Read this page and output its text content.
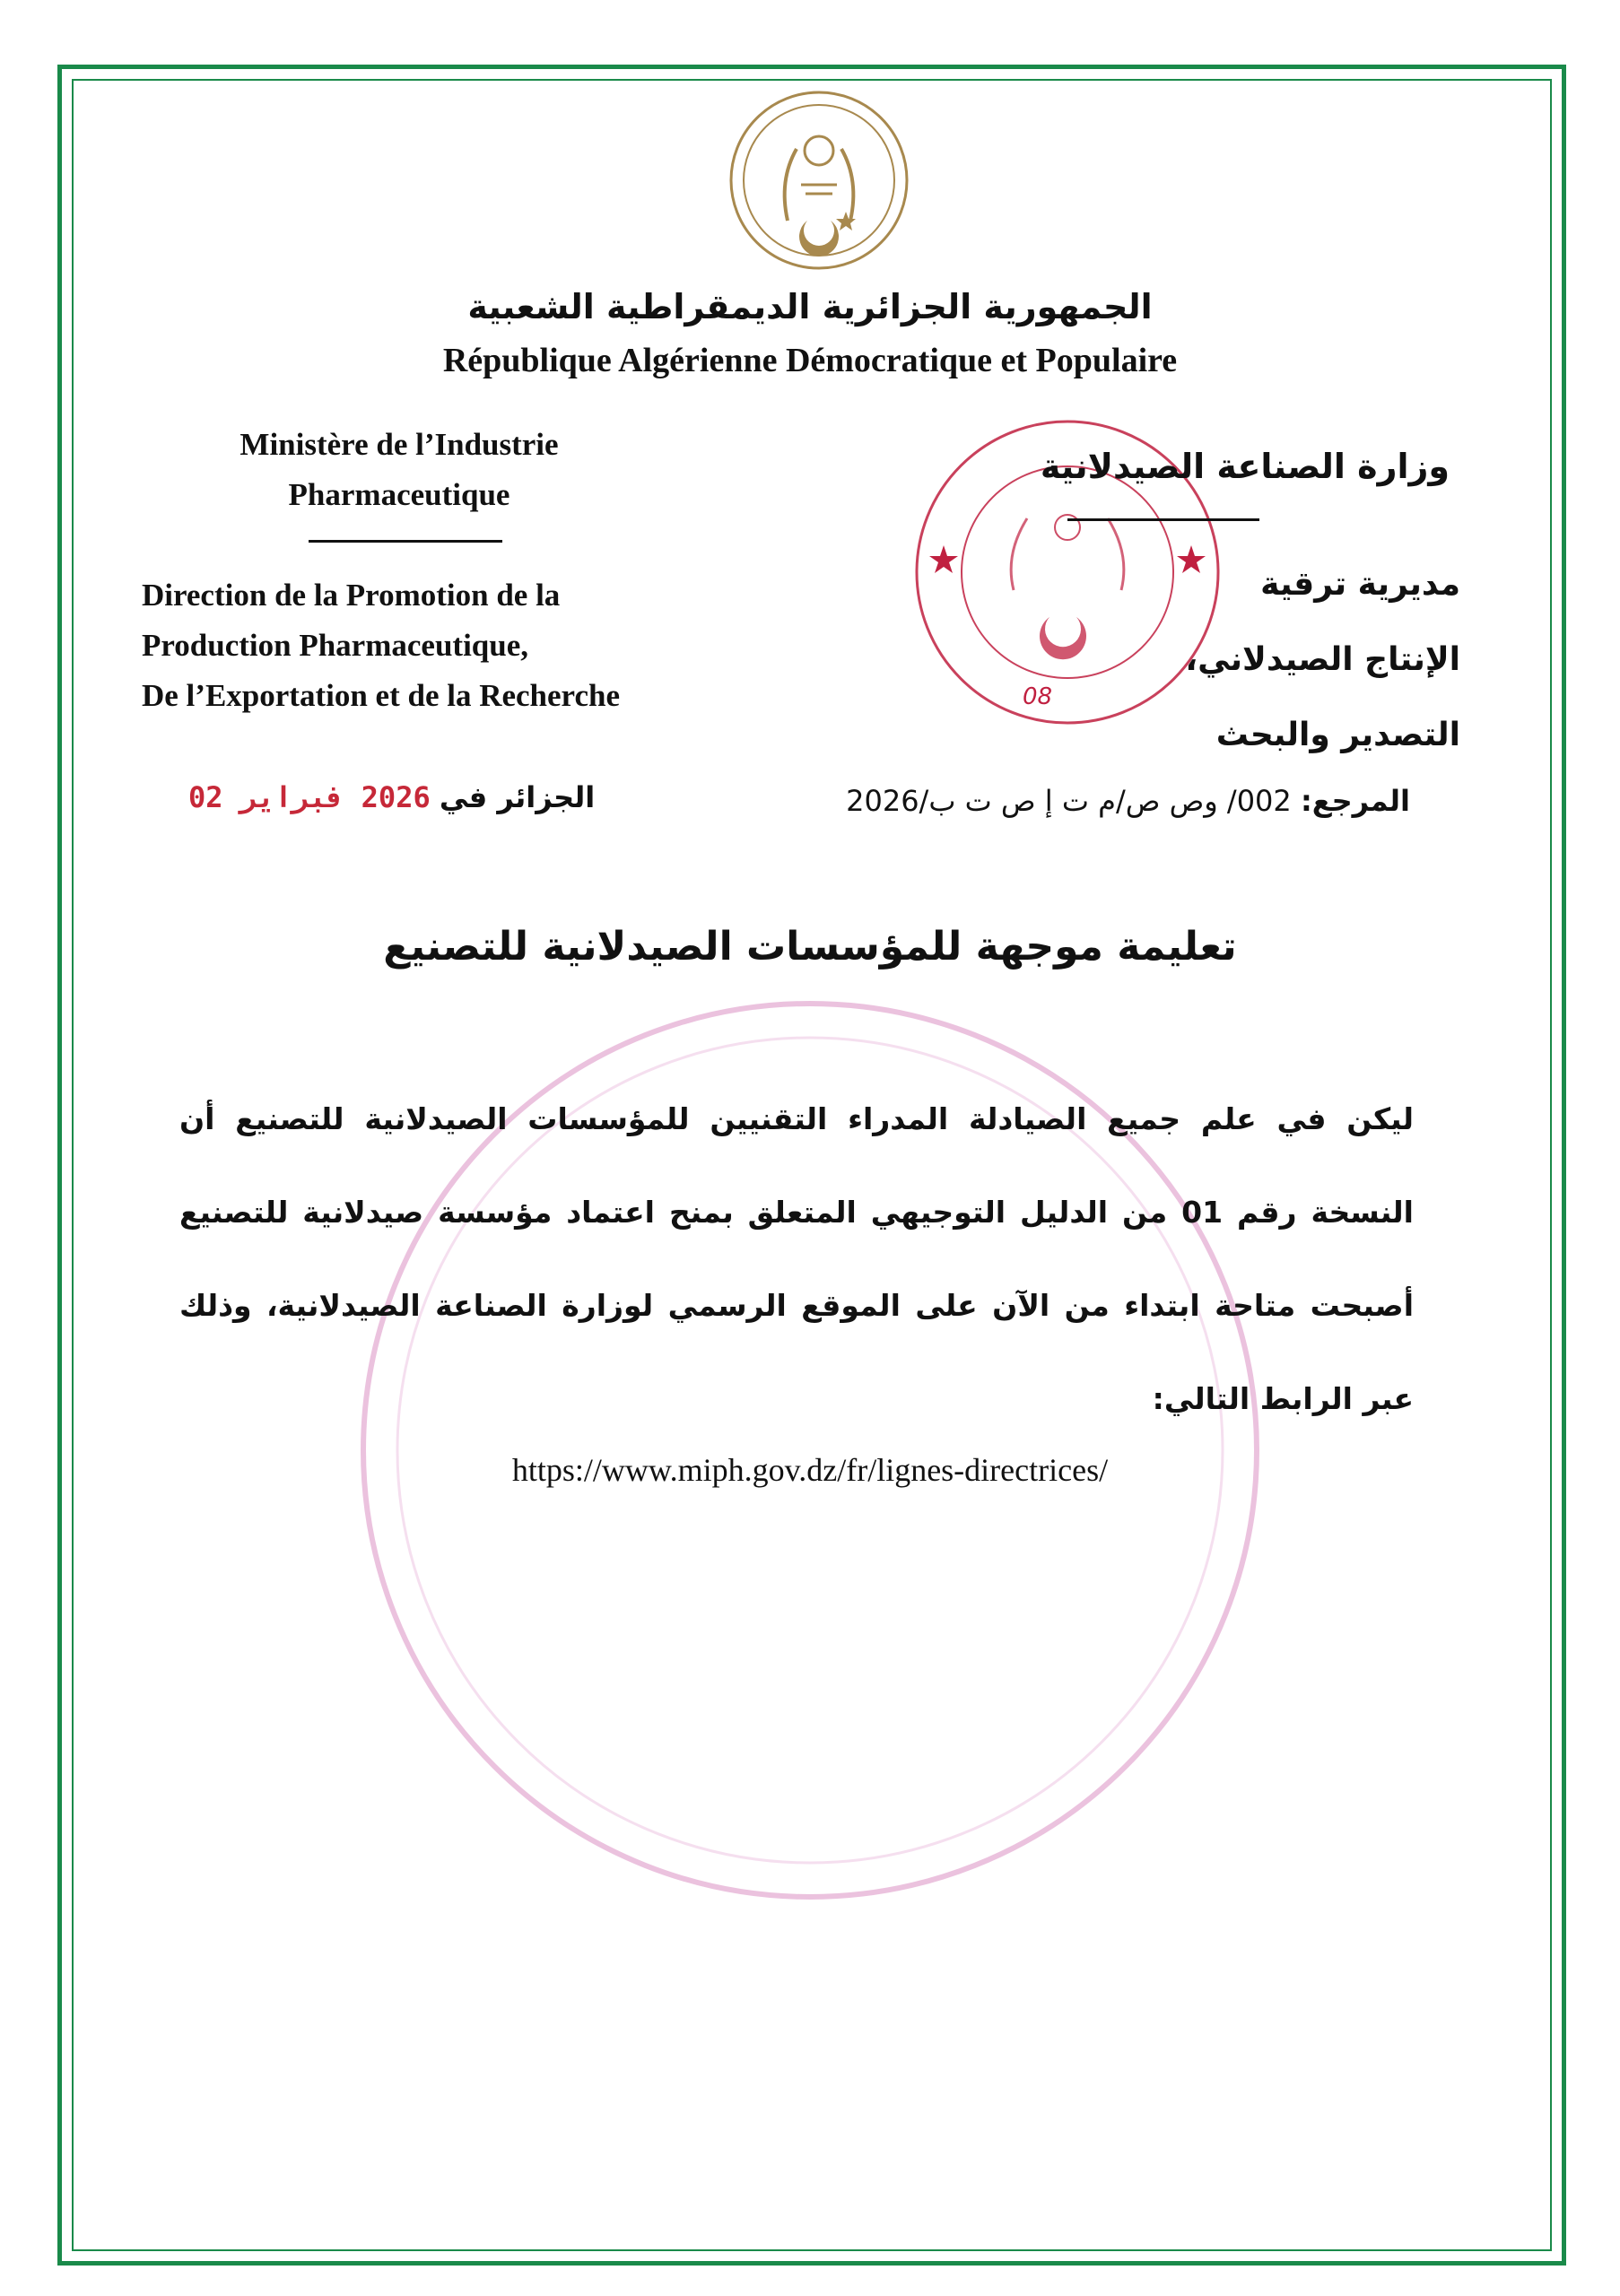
الجمهورية الجزائرية الديمقراطية الشعبية
République Algérienne Démocratique et Populaire
Ministère de l’Industrie
Pharmaceutique
Direction de la Promotion de la
Production Pharmaceutique,
De l’Exportation et de la Recherche	08
وزارة الصناعة الصيدلانية
مديرية ترقية
الإنتاج الصيدلاني،
التصدير والبحث
المرجع: 002/ وص ص/م ت إ ص ت ب/2026
الجزائر في 2026 فبراير 02
تعليمة موجهة للمؤسسات الصيدلانية للتصنيع
ليكن في علم جميع الصيادلة المدراء التقنيين للمؤسسات الصيدلانية للتصنيع أن النسخة رقم 01 من الدليل التوجيهي المتعلق بمنح اعتماد مؤسسة صيدلانية للتصنيع أصبحت متاحة ابتداء من الآن على الموقع الرسمي لوزارة الصناعة الصيدلانية، وذلك عبر الرابط التالي:
https://www.miph.gov.dz/fr/lignes-directrices/
